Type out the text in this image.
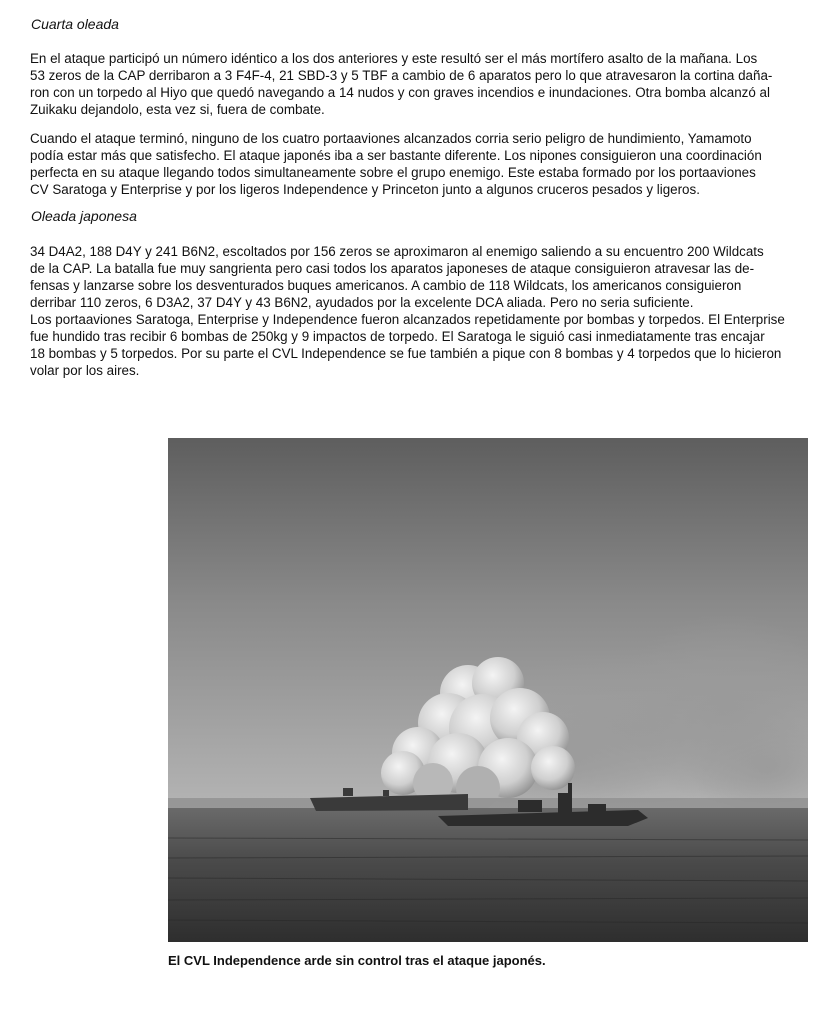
Cuarta oleada
En el ataque participó un número idéntico a los dos anteriores y este resultó ser el más mortífero asalto de la mañana. Los
53 zeros de la CAP derribaron a 3 F4F-4, 21 SBD-3 y 5 TBF a cambio de 6 aparatos pero lo que atravesaron la cortina daña-
ron con un torpedo al Hiyo que quedó navegando a 14 nudos y con graves incendios e inundaciones. Otra bomba alcanzó al
Zuikaku dejandolo, esta vez si, fuera de combate.
Cuando el ataque terminó, ninguno de los cuatro portaaviones alcanzados corria serio peligro de hundimiento, Yamamoto
podía estar más que satisfecho. El ataque japonés iba a ser bastante diferente. Los nipones consiguieron una coordinación
perfecta en su ataque llegando todos simultaneamente sobre el grupo enemigo. Este estaba formado por los portaaviones
CV Saratoga y Enterprise y por los ligeros Independence y Princeton junto a algunos cruceros pesados y ligeros.
Oleada japonesa
34 D4A2, 188 D4Y y 241 B6N2, escoltados por 156 zeros se aproximaron al enemigo saliendo a su encuentro 200 Wildcats
de la CAP. La batalla fue muy sangrienta pero casi todos los aparatos japoneses de ataque consiguieron atravesar las de-
fensas y lanzarse sobre los desventurados buques americanos. A cambio de 118 Wildcats, los americanos consiguieron
derribar 110 zeros, 6 D3A2, 37 D4Y y 43 B6N2, ayudados por la excelente DCA aliada. Pero no seria suficiente.
Los portaaviones Saratoga, Enterprise y Independence fueron alcanzados repetidamente por bombas y torpedos. El Enterprise
fue hundido tras recibir 6 bombas de 250kg y 9 impactos de torpedo. El Saratoga le siguió casi inmediatamente tras encajar
18 bombas y 5 torpedos. Por su parte el CVL Independence se fue también a pique con 8 bombas y 4 torpedos que lo hicieron
volar por los aires.
El CVL Independence arde sin control tras el ataque japonés.
